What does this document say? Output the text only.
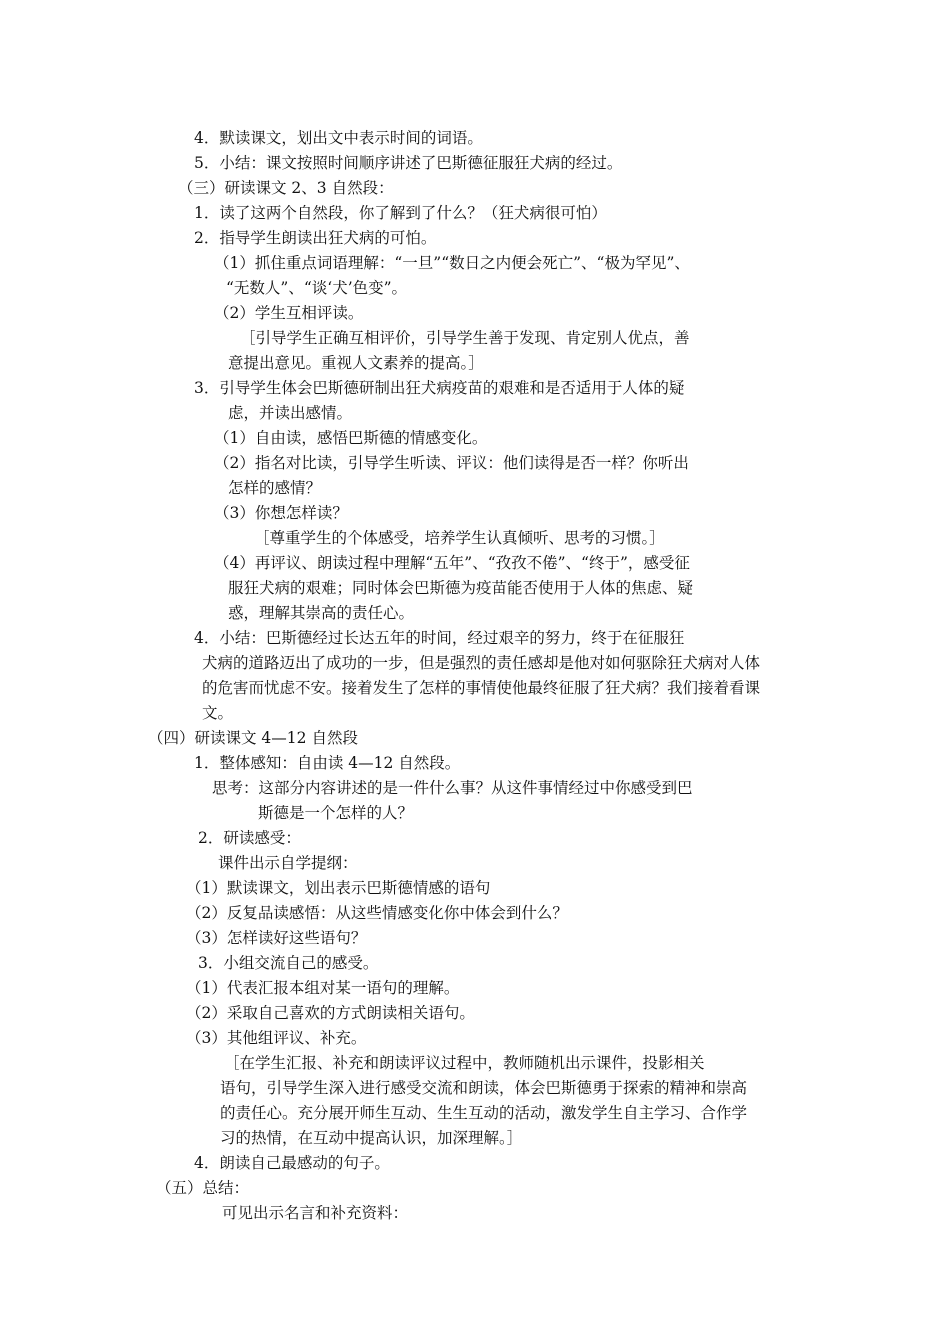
4．默读课文，划出文中表示时间的词语。
5．小结：课文按照时间顺序讲述了巴斯德征服狂犬病的经过。
（三）研读课文 2、3 自然段：
1．读了这两个自然段，你了解到了什么？（狂犬病很可怕）
2．指导学生朗读出狂犬病的可怕。
（1）抓住重点词语理解：“一旦”“数日之内便会死亡”、“极为罕见”、
“无数人”、“谈‘犬’色变”。
（2）学生互相评读。
［引导学生正确互相评价，引导学生善于发现、肯定别人优点，善
意提出意见。重视人文素养的提高。］
3．引导学生体会巴斯德研制出狂犬病疫苗的艰难和是否适用于人体的疑
虑，并读出感情。
（1）自由读，感悟巴斯德的情感变化。
（2）指名对比读，引导学生听读、评议：他们读得是否一样？你听出
怎样的感情？
（3）你想怎样读？
［尊重学生的个体感受，培养学生认真倾听、思考的习惯。］
（4）再评议、朗读过程中理解“五年”、“孜孜不倦”、“终于”，感受征
服狂犬病的艰难；同时体会巴斯德为疫苗能否使用于人体的焦虑、疑
惑，理解其崇高的责任心。
4．小结：巴斯德经过长达五年的时间，经过艰辛的努力，终于在征服狂
犬病的道路迈出了成功的一步，但是强烈的责任感却是他对如何驱除狂犬病对人体
的危害而忧虑不安。接着发生了怎样的事情使他最终征服了狂犬病？我们接着看课
文。
（四）研读课文 4—12 自然段
1．整体感知：自由读 4—12 自然段。
思考：这部分内容讲述的是一件什么事？从这件事情经过中你感受到巴
斯德是一个怎样的人？
2．研读感受：
课件出示自学提纲：
（1）默读课文，划出表示巴斯德情感的语句
（2）反复品读感悟：从这些情感变化你中体会到什么？
（3）怎样读好这些语句？
3．小组交流自己的感受。
（1）代表汇报本组对某一语句的理解。
（2）采取自己喜欢的方式朗读相关语句。
（3）其他组评议、补充。
［在学生汇报、补充和朗读评议过程中，教师随机出示课件，投影相关
语句，引导学生深入进行感受交流和朗读，体会巴斯德勇于探索的精神和崇高
的责任心。充分展开师生互动、生生互动的活动，激发学生自主学习、合作学
习的热情，在互动中提高认识，加深理解。］
4．朗读自己最感动的句子。
（五）总结：
可见出示名言和补充资料：
